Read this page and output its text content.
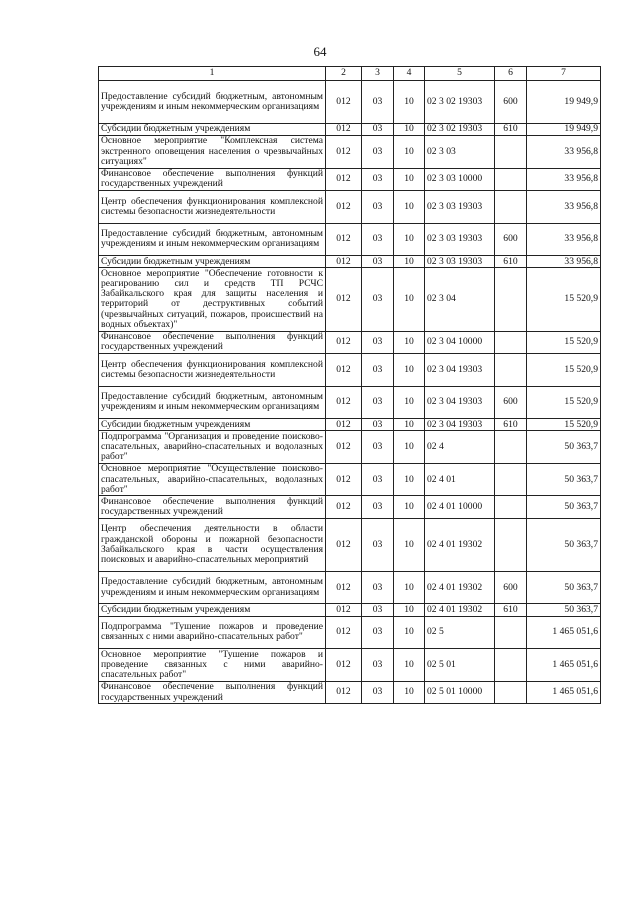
64
1	2	3	4	5	6	7
Предоставление субсидий бюджетным, автономным учреждениям и иным некоммерческим организациям	012	03	10	02 3 02 19303	600	19 949,9
Субсидии бюджетным учреждениям	012	03	10	02 3 02 19303	610	19 949,9
Основное мероприятие "Комплексная система экстренного оповещения населения о чрезвычайных ситуациях"	012	03	10	02 3 03		33 956,8
Финансовое обеспечение выполнения функций государственных учреждений	012	03	10	02 3 03 10000		33 956,8
Центр обеспечения функционирования комплексной системы безопасности жизнедеятельности	012	03	10	02 3 03 19303		33 956,8
Предоставление субсидий бюджетным, автономным учреждениям и иным некоммерческим организациям	012	03	10	02 3 03 19303	600	33 956,8
Субсидии бюджетным учреждениям	012	03	10	02 3 03 19303	610	33 956,8
Основное мероприятие "Обеспечение готовности к реагированию сил и средств ТП РСЧС Забайкальского края для защиты населения и территорий от деструктивных событий (чрезвычайных ситуаций, пожаров, происшествий на водных объектах)"	012	03	10	02 3 04		15 520,9
Финансовое обеспечение выполнения функций государственных учреждений	012	03	10	02 3 04 10000		15 520,9
Центр обеспечения функционирования комплексной системы безопасности жизнедеятельности	012	03	10	02 3 04 19303		15 520,9
Предоставление субсидий бюджетным, автономным учреждениям и иным некоммерческим организациям	012	03	10	02 3 04 19303	600	15 520,9
Субсидии бюджетным учреждениям	012	03	10	02 3 04 19303	610	15 520,9
Подпрограмма "Организация и проведение поисково-спасательных, аварийно-спасательных и водолазных работ"	012	03	10	02 4		50 363,7
Основное мероприятие "Осуществление поисково-спасательных, аварийно-спасательных, водолазных работ"	012	03	10	02 4 01		50 363,7
Финансовое обеспечение выполнения функций государственных учреждений	012	03	10	02 4 01 10000		50 363,7
Центр обеспечения деятельности в области гражданской обороны и пожарной безопасности Забайкальского края в части осуществления поисковых и аварийно-спасательных мероприятий	012	03	10	02 4 01 19302		50 363,7
Предоставление субсидий бюджетным, автономным учреждениям и иным некоммерческим организациям	012	03	10	02 4 01 19302	600	50 363,7
Субсидии бюджетным учреждениям	012	03	10	02 4 01 19302	610	50 363,7
Подпрограмма "Тушение пожаров и проведение связанных с ними аварийно-спасательных работ"	012	03	10	02 5		1 465 051,6
Основное мероприятие "Тушение пожаров и проведение связанных с ними аварийно-спасательных работ"	012	03	10	02 5 01		1 465 051,6
Финансовое обеспечение выполнения функций государственных учреждений	012	03	10	02 5 01 10000		1 465 051,6
